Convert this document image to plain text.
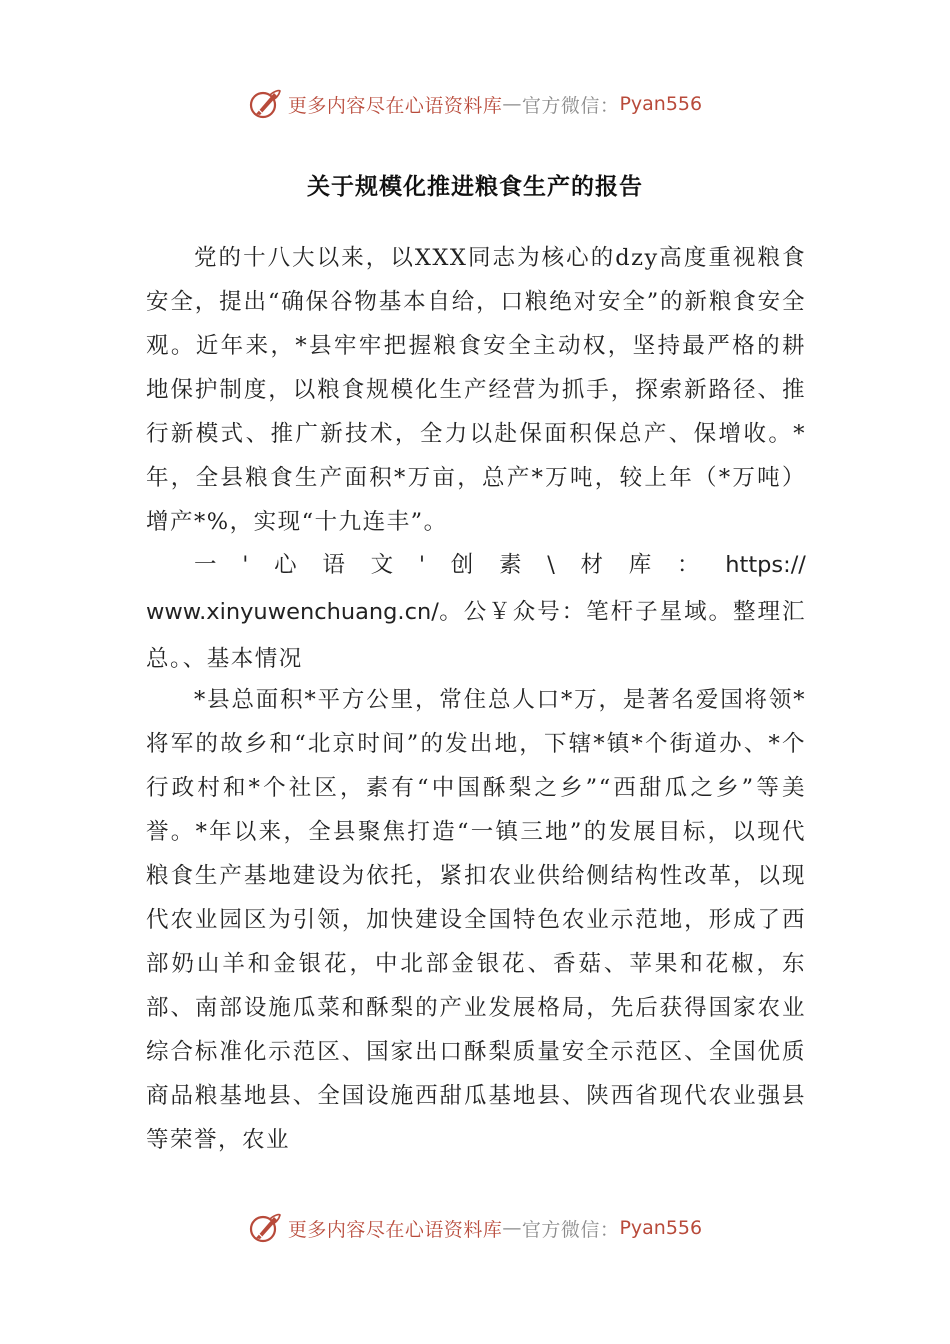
更多内容尽在心语资料库 — 官方微信： Pyan556
关于规模化推进粮食生产的报告
党的十八大以来，以XXX同志为核心的dzy高度重视粮食安全，提出“确保谷物基本自给，口粮绝对安全”的新粮食安全观。近年来，*县牢牢把握粮食安全主动权，坚持最严格的耕地保护制度，以粮食规模化生产经营为抓手，探索新路径、推行新模式、推广新技术，全力以赴保面积保总产、保增收。*年，全县粮食生产面积*万亩，总产*万吨，较上年（*万吨）增产*%，实现“十九连丰”。
一 ' 心 语 文 ' 创 素 \ 材 库 ： https://
www.xinyuwenchuang.cn/。公￥众号：笔杆子星域。整理汇总。、基本情况
*县总面积*平方公里，常住总人口*万，是著名爱国将领*将军的故乡和“北京时间”的发出地，下辖*镇*个街道办、*个行政村和*个社区，素有“中国酥梨之乡”“西甜瓜之乡”等美誉。*年以来，全县聚焦打造“一镇三地”的发展目标，以现代粮食生产基地建设为依托，紧扣农业供给侧结构性改革，以现代农业园区为引领，加快建设全国特色农业示范地，形成了西部奶山羊和金银花，中北部金银花、香菇、苹果和花椒，东部、南部设施瓜菜和酥梨的产业发展格局，先后获得国家农业综合标准化示范区、国家出口酥梨质量安全示范区、全国优质商品粮基地县、全国设施西甜瓜基地县、陕西省现代农业强县等荣誉，农业
更多内容尽在心语资料库 — 官方微信： Pyan556
